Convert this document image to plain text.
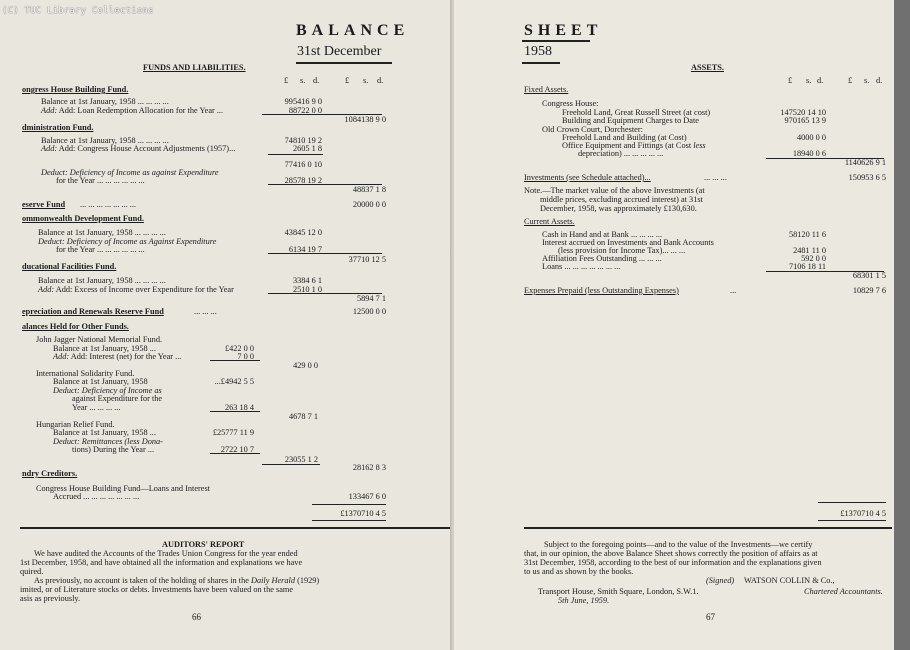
BALANCE
31st December
FUNDS AND LIABILITIES.
£ s. d.	£ s. d.
ongress House Building Fund.
Balance at 1st January, 1958 ... ... ... ...	995416 9 0
Add: Add: Loan Redemption Allocation for the Year ...	88722 0 0
1084138 9 0
dministration Fund.
Balance at 1st January, 1958 ... ... ... ...	74810 19 2
Add: Add: Congress House Account Adjustments (1957)...	2605 1 8
77416 0 10
Deduct: Deficiency of Income as against Expenditure
for the Year ... ... ... ... ... ...	28578 19 2
48837 1 8
eserve Fund ... ... ... ... ... ... ...	20000 0 0
ommonwealth Development Fund.
Balance at 1st January, 1958 ... ... ... ...	43845 12 0
Deduct: Deficiency of Income as Against Expenditure
for the Year ... ... ... ... ... ...	6134 19 7
37710 12 5
ducational Facilities Fund.
Balance at 1st January, 1958 ... ... ... ...	3384 6 1
Add: Add: Excess of Income over Expenditure for the Year	2510 1 0
5894 7 1
epreciation and Renewals Reserve Fund	... ... ...	12500 0 0
alances Held for Other Funds.
John Jagger National Memorial Fund.
Balance at 1st January, 1958 ...	£422 0 0
Add: Add: Interest (net) for the Year ...	7 0 0
429 0 0
International Solidarity Fund.
Balance at 1st January, 1958	...£4942 5 5
Deduct: Deficiency of Income as
against Expenditure for the
Year ... ... ... ...	263 18 4
4678 7 1
Hungarian Relief Fund.
Balance at 1st January, 1958 ...	£25777 11 9
Deduct: Remittances (less Dona-
tions) During the Year ...	2722 10 7
23055 1 2
28162 8 3
ndry Creditors.
Congress House Building Fund—Loans and Interest
Accrued ... ... ... ... ... ... ...	133467 6 0
£1370710 4 5
AUDITORS' REPORT
We have audited the Accounts of the Trades Union Congress for the year ended
1st December, 1958, and have obtained all the information and explanations we have
quired.
As previously, no account is taken of the holding of shares in the Daily Herald (1929)
imited, or of Literature stocks or debts. Investments have been valued on the same
asis as previously.
66
SHEET
1958
ASSETS.
£ s. d.	£ s. d.
Fixed Assets.
Congress House:
Freehold Land, Great Russell Street (at cost)	147520 14 10
Building and Equipment Charges to Date	970165 13 9
Old Crown Court, Dorchester:
Freehold Land and Building (at Cost)	4000 0 0
Office Equipment and Fittings (at Cost less
depreciation) ... ... ... ... ...	18940 0 6
1140626 9 1
Investments (see Schedule attached)...	... ... ...	150953 6 5
Note.—The market value of the above Investments (at
middle prices, excluding accrued interest) at 31st
December, 1958, was approximately £130,630.
Current Assets.
Cash in Hand and at Bank ... ... ... ...	58120 11 6
Interest accrued on Investments and Bank Accounts
(less provision for Income Tax)... ... ...	2481 11 0
Affiliation Fees Outstanding ... ... ...	592 0 0
Loans ... ... ... ... ... ... ...	7106 18 11
68301 1 5
Expenses Prepaid (less Outstanding Expenses)	...	10829 7 6
£1370710 4 5
Subject to the foregoing points—and to the value of the Investments—we certify
that, in our opinion, the above Balance Sheet shows correctly the position of affairs as at
31st December, 1958, according to the best of our information and the explanations given
to us and as shown by the books.
(Signed) WATSON COLLIN & Co.,
Transport House, Smith Square, London, S.W.1.	Chartered Accountants.
5th June, 1959.
67
(C) TUC Library Collections
